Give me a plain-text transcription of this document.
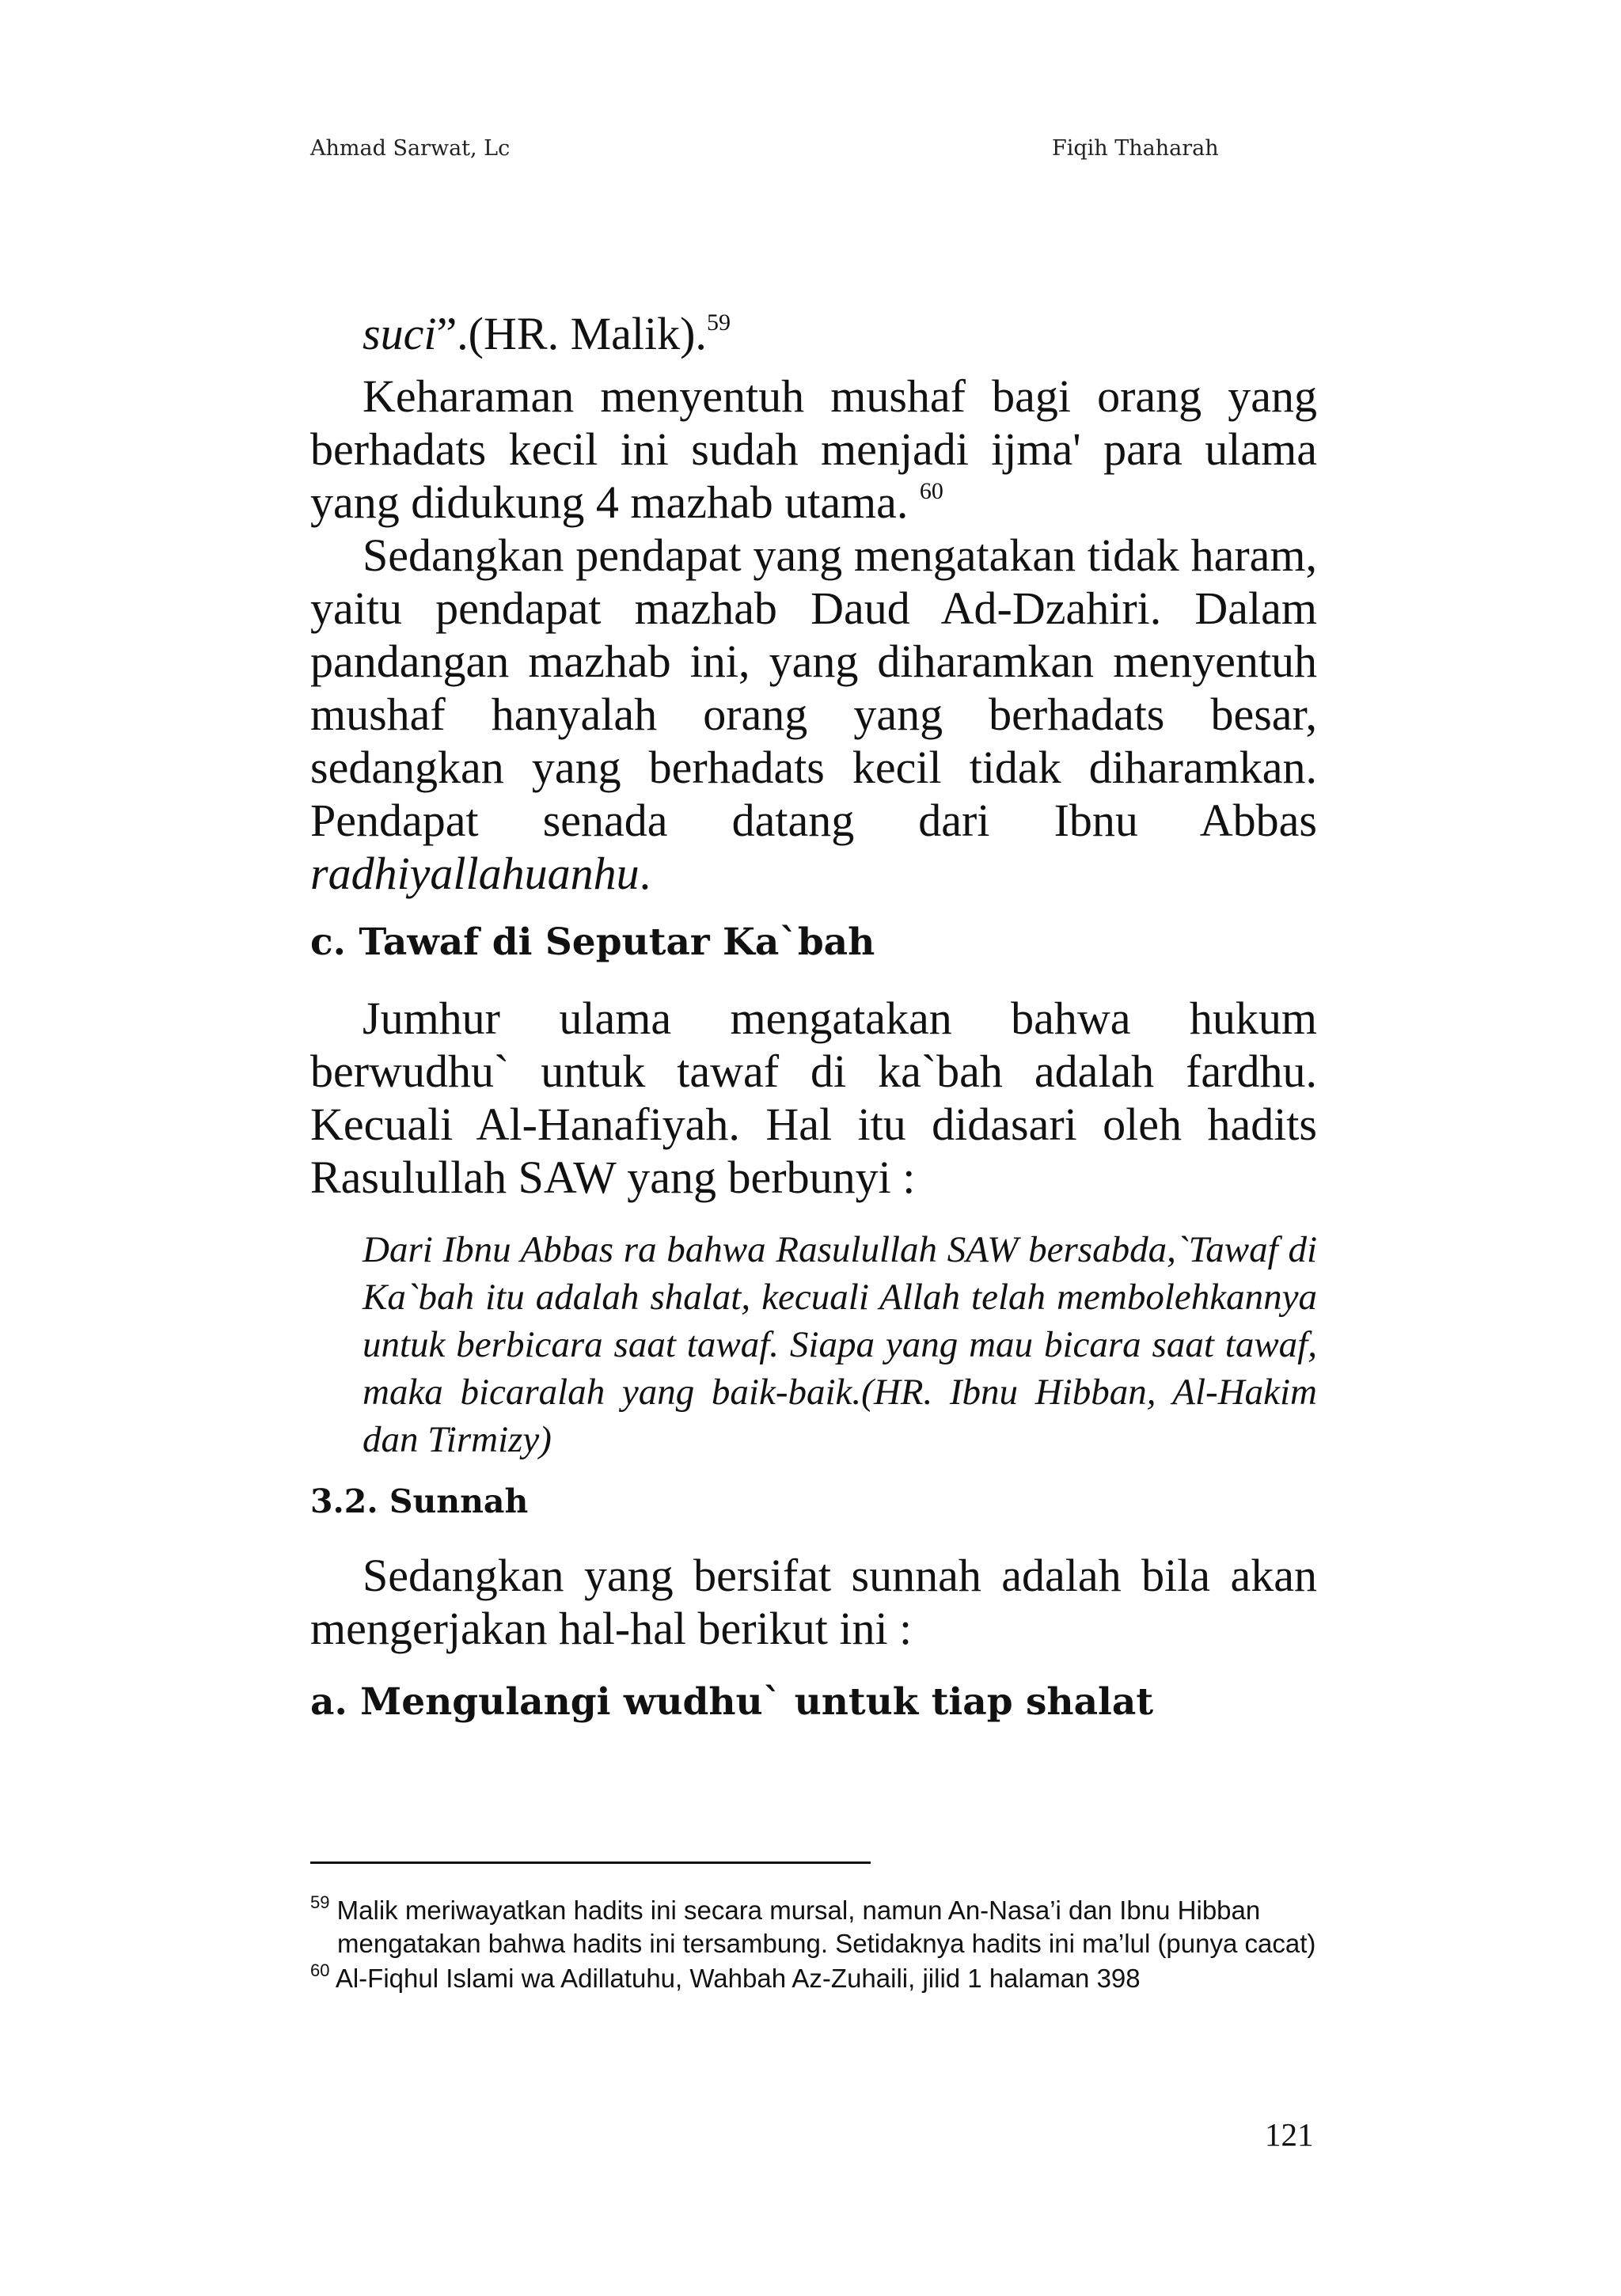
Ahmad Sarwat, Lc	Fiqih Thaharah

suci”.(HR. Malik).$^{59}$

Keharaman menyentuh mushaf bagi orang yang berhadats kecil ini sudah menjadi ijma' para ulama yang didukung 4 mazhab utama. $^{60}$

Sedangkan pendapat yang mengatakan tidak haram, yaitu pendapat mazhab Daud Ad-Dzahiri. Dalam pandangan mazhab ini, yang diharamkan menyentuh mushaf hanyalah orang yang berhadats besar, sedangkan yang berhadats kecil tidak diharamkan. Pendapat senada datang dari Ibnu Abbas radhiyallahuanhu.

c. Tawaf di Seputar Ka`bah

Jumhur ulama mengatakan bahwa hukum berwudhu` untuk tawaf di ka`bah adalah fardhu. Kecuali Al-Hanafiyah. Hal itu didasari oleh hadits Rasulullah SAW yang berbunyi :

Dari Ibnu Abbas ra bahwa Rasulullah SAW bersabda,`Tawaf di Ka`bah itu adalah shalat, kecuali Allah telah membolehkannya untuk berbicara saat tawaf. Siapa yang mau bicara saat tawaf, maka bicaralah yang baik-baik.(HR. Ibnu Hibban, Al-Hakim dan Tirmizy)

3.2. Sunnah

Sedangkan yang bersifat sunnah adalah bila akan mengerjakan hal-hal berikut ini :

a. Mengulangi wudhu` untuk tiap shalat
$^{59}$ Malik meriwayatkan hadits ini secara mursal, namun An-Nasa’i dan Ibnu Hibban
mengatakan bahwa hadits ini tersambung. Setidaknya hadits ini ma’lul (punya cacat)
$^{60}$ Al-Fiqhul Islami wa Adillatuhu, Wahbah Az-Zuhaili, jilid 1 halaman 398
121
